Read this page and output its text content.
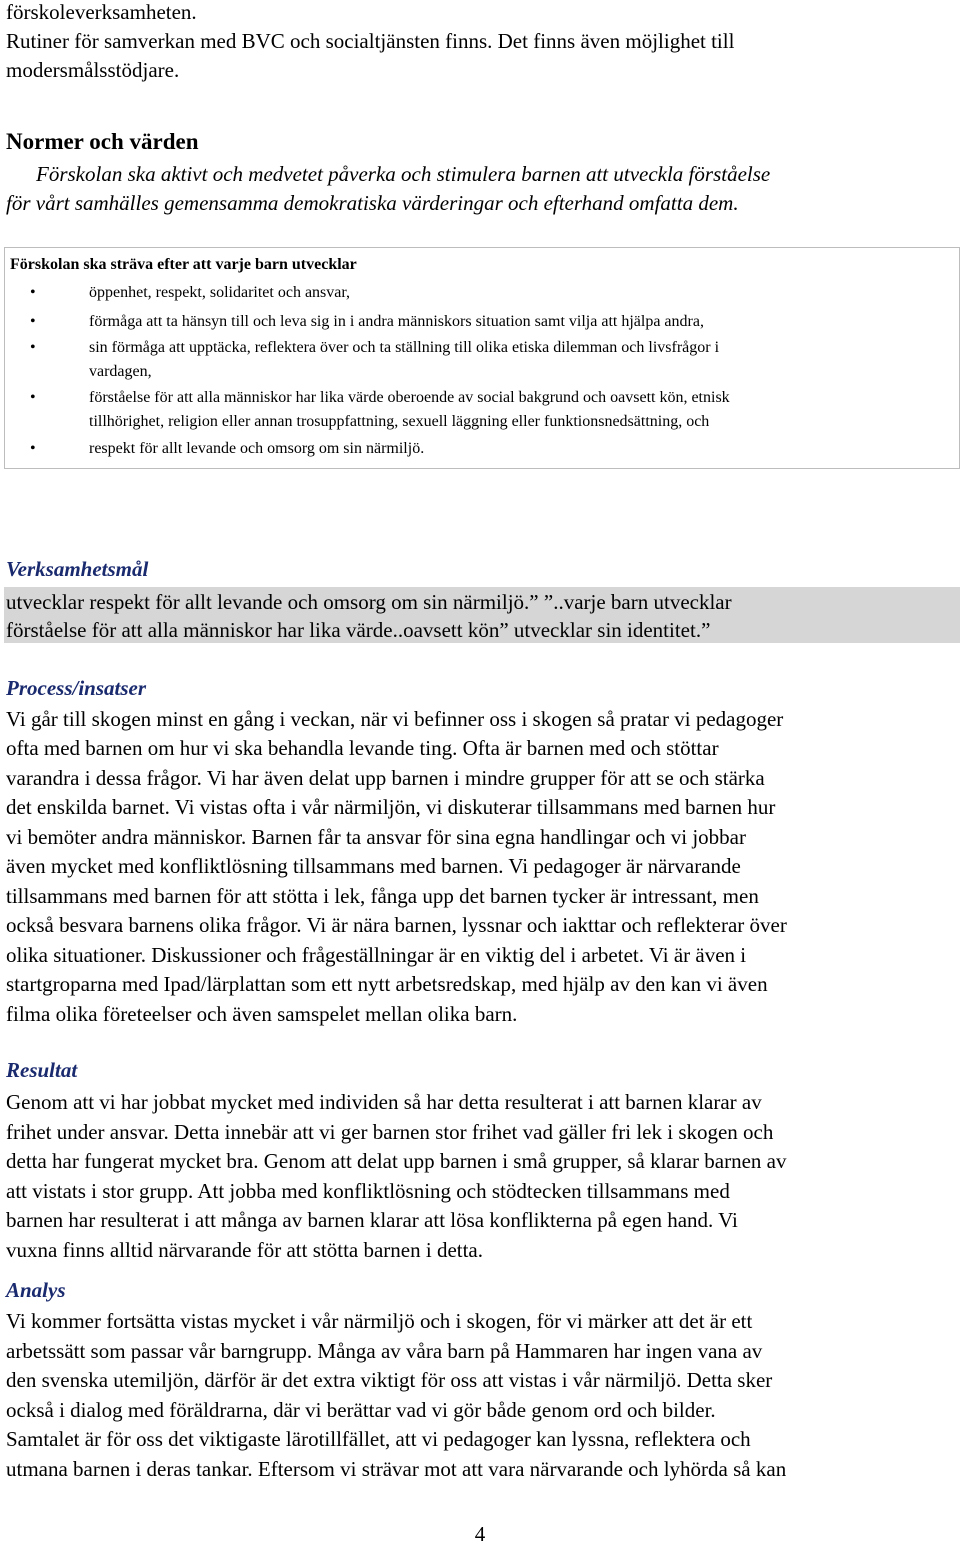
förskoleverksamheten.
Rutiner för samverkan med BVC och socialtjänsten finns. Det finns även möjlighet till
modersmålsstödjare.
Normer och värden
Förskolan ska aktivt och medvetet påverka och stimulera barnen att utveckla förståelse
för vårt samhälles gemensamma demokratiska värderingar och efterhand omfatta dem.
Förskolan ska sträva efter att varje barn utvecklar
•	öppenhet, respekt, solidaritet och ansvar,
•	förmåga att ta hänsyn till och leva sig in i andra människors situation samt vilja att hjälpa andra,
•	sin förmåga att upptäcka, reflektera över och ta ställning till olika etiska dilemman och livsfrågor i
vardagen,
•	förståelse för att alla människor har lika värde oberoende av social bakgrund och oavsett kön, etnisk
tillhörighet, religion eller annan trosuppfattning, sexuell läggning eller funktionsnedsättning, och
•	respekt för allt levande och omsorg om sin närmiljö.
Verksamhetsmål
utvecklar respekt för allt levande och omsorg om sin närmiljö.” ”..varje barn utvecklar
förståelse för att alla människor har lika värde..oavsett kön” utvecklar sin identitet.”
Process/insatser
Vi går till skogen minst en gång i veckan, när vi befinner oss i skogen så pratar vi pedagoger
ofta med barnen om hur vi ska behandla levande ting. Ofta är barnen med och stöttar
varandra i dessa frågor. Vi har även delat upp barnen i mindre grupper för att se och stärka
det enskilda barnet. Vi vistas ofta i vår närmiljön, vi diskuterar tillsammans med barnen hur
vi bemöter andra människor. Barnen får ta ansvar för sina egna handlingar och vi jobbar
även mycket med konfliktlösning tillsammans med barnen. Vi pedagoger är närvarande
tillsammans med barnen för att stötta i lek, fånga upp det barnen tycker är intressant, men
också besvara barnens olika frågor. Vi är nära barnen, lyssnar och iakttar och reflekterar över
olika situationer. Diskussioner och frågeställningar är en viktig del i arbetet. Vi är även i
startgroparna med Ipad/lärplattan som ett nytt arbetsredskap, med hjälp av den kan vi även
filma olika företeelser och även samspelet mellan olika barn.
Resultat
Genom att vi har jobbat mycket med individen så har detta resulterat i att barnen klarar av
frihet under ansvar. Detta innebär att vi ger barnen stor frihet vad gäller fri lek i skogen och
detta har fungerat mycket bra. Genom att delat upp barnen i små grupper, så klarar barnen av
att vistats i stor grupp. Att jobba med konfliktlösning och stödtecken tillsammans med
barnen har resulterat i att många av barnen klarar att lösa konflikterna på egen hand. Vi
vuxna finns alltid närvarande för att stötta barnen i detta.
Analys
Vi kommer fortsätta vistas mycket i vår närmiljö och i skogen, för vi märker att det är ett
arbetssätt som passar vår barngrupp. Många av våra barn på Hammaren har ingen vana av
den svenska utemiljön, därför är det extra viktigt för oss att vistas i vår närmiljö. Detta sker
också i dialog med föräldrarna, där vi berättar vad vi gör både genom ord och bilder.
Samtalet är för oss det viktigaste lärotillfället, att vi pedagoger kan lyssna, reflektera och
utmana barnen i deras tankar. Eftersom vi strävar mot att vara närvarande och lyhörda så kan
4
